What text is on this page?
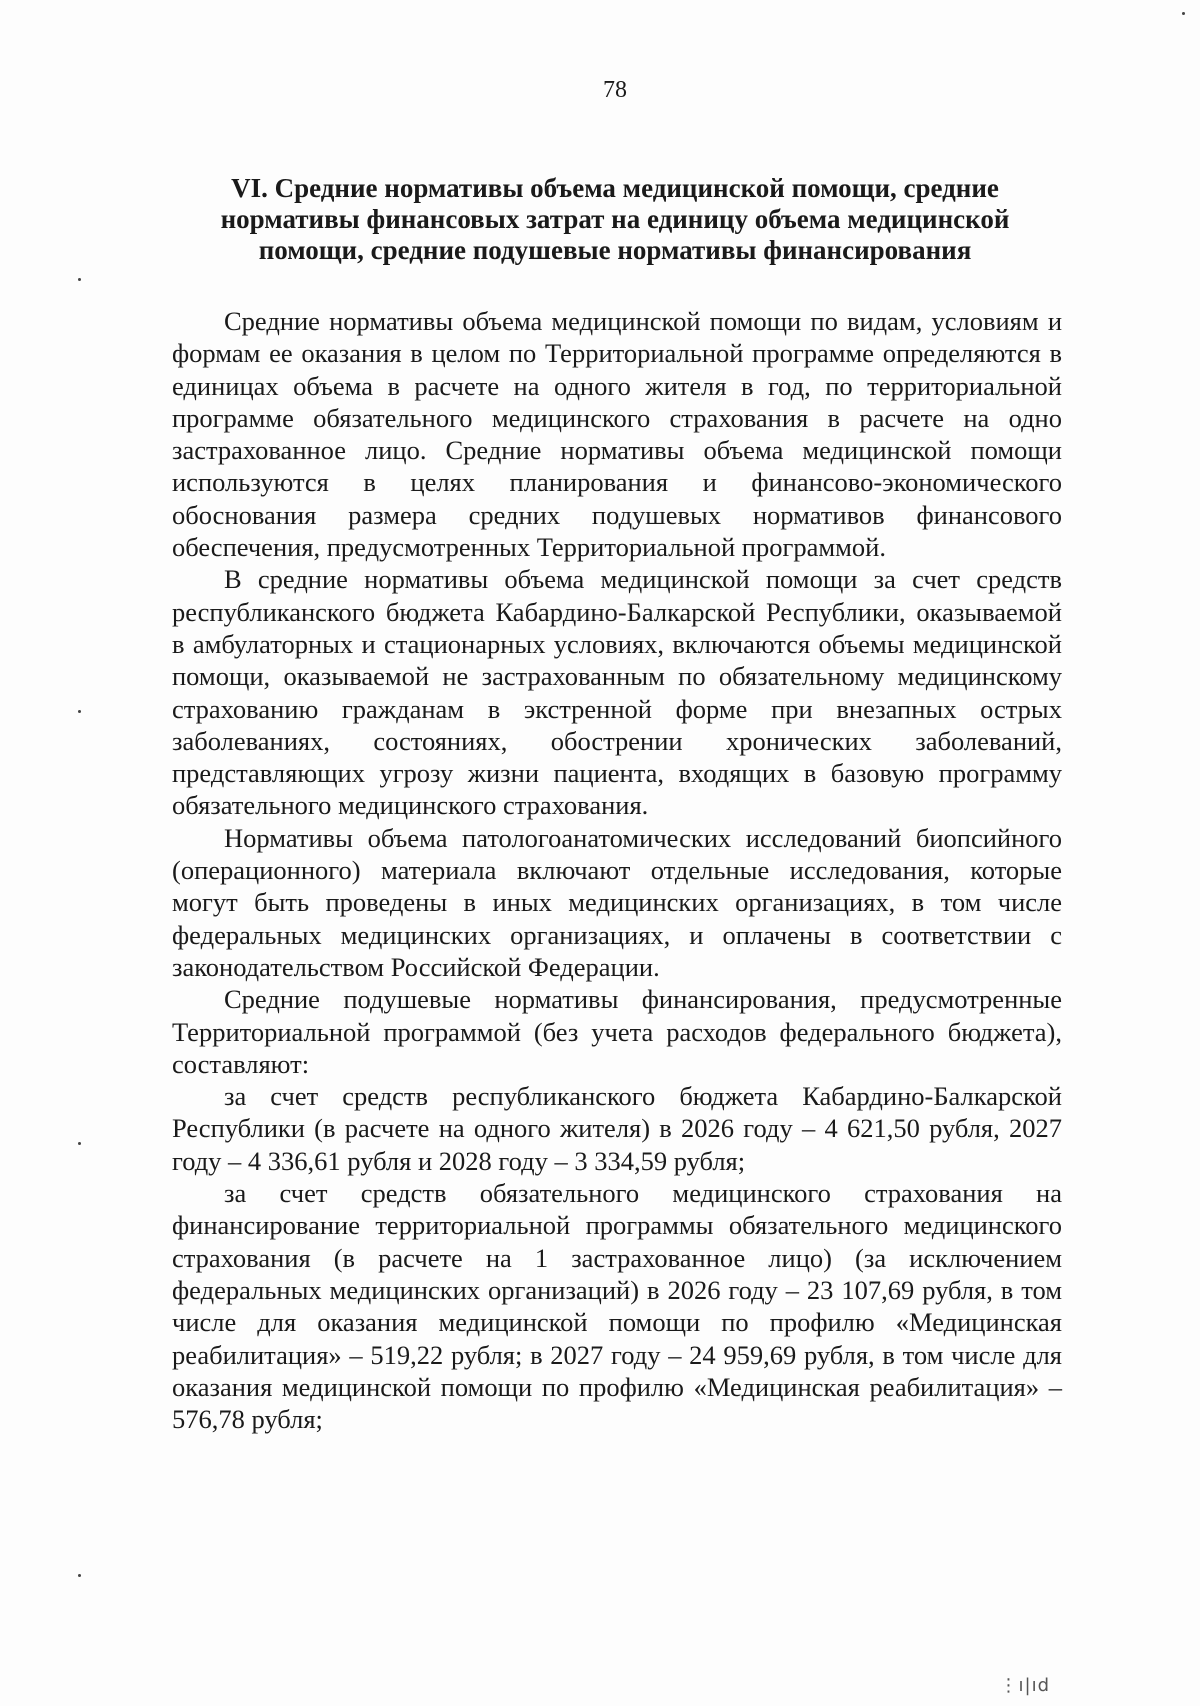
78
VI. Средние нормативы объема медицинской помощи, средние
нормативы финансовых затрат на единицу объема медицинской
помощи, средние подушевые нормативы финансирования

Средние нормативы объема медицинской помощи по видам, условиям и формам ее оказания в целом по Территориальной программе определяются в единицах объема в расчете на одного жителя в год, по территориальной программе обязательного медицинского страхования в расчете на одно застрахованное лицо. Средние нормативы объема медицинской помощи используются в целях планирования и финансово-экономического обоснования размера средних подушевых нормативов финансового обеспечения, предусмотренных Территориальной программой.

В средние нормативы объема медицинской помощи за счет средств республиканского бюджета Кабардино-Балкарской Республики, оказываемой в амбулаторных и стационарных условиях, включаются объемы медицинской помощи, оказываемой не застрахованным по обязательному медицинскому страхованию гражданам в экстренной форме при внезапных острых заболеваниях, состояниях, обострении хронических заболеваний, представляющих угрозу жизни пациента, входящих в базовую программу обязательного медицинского страхования.

Нормативы объема патологоанатомических исследований биопсийного (операционного) материала включают отдельные исследования, которые могут быть проведены в иных медицинских организациях, в том числе федеральных медицинских организациях, и оплачены в соответствии с законодательством Российской Федерации.

Средние подушевые нормативы финансирования, предусмотренные Территориальной программой (без учета расходов федерального бюджета), составляют:

за счет средств республиканского бюджета Кабардино-Балкарской Республики (в расчете на одного жителя) в 2026 году – 4 621,50 рубля, 2027 году – 4 336,61 рубля и 2028 году – 3 334,59 рубля;

за счет средств обязательного медицинского страхования на финансирование территориальной программы обязательного медицинского страхования (в расчете на 1 застрахованное лицо) (за исключением федеральных медицинских организаций) в 2026 году – 23 107,69 рубля, в том числе для оказания медицинской помощи по профилю «Медицинская реабилитация» – 519,22 рубля; в 2027 году – 24 959,69 рубля, в том числе для оказания медицинской помощи по профилю «Медицинская реабилитация» – 576,78 рубля;

⋮ı|ıd
